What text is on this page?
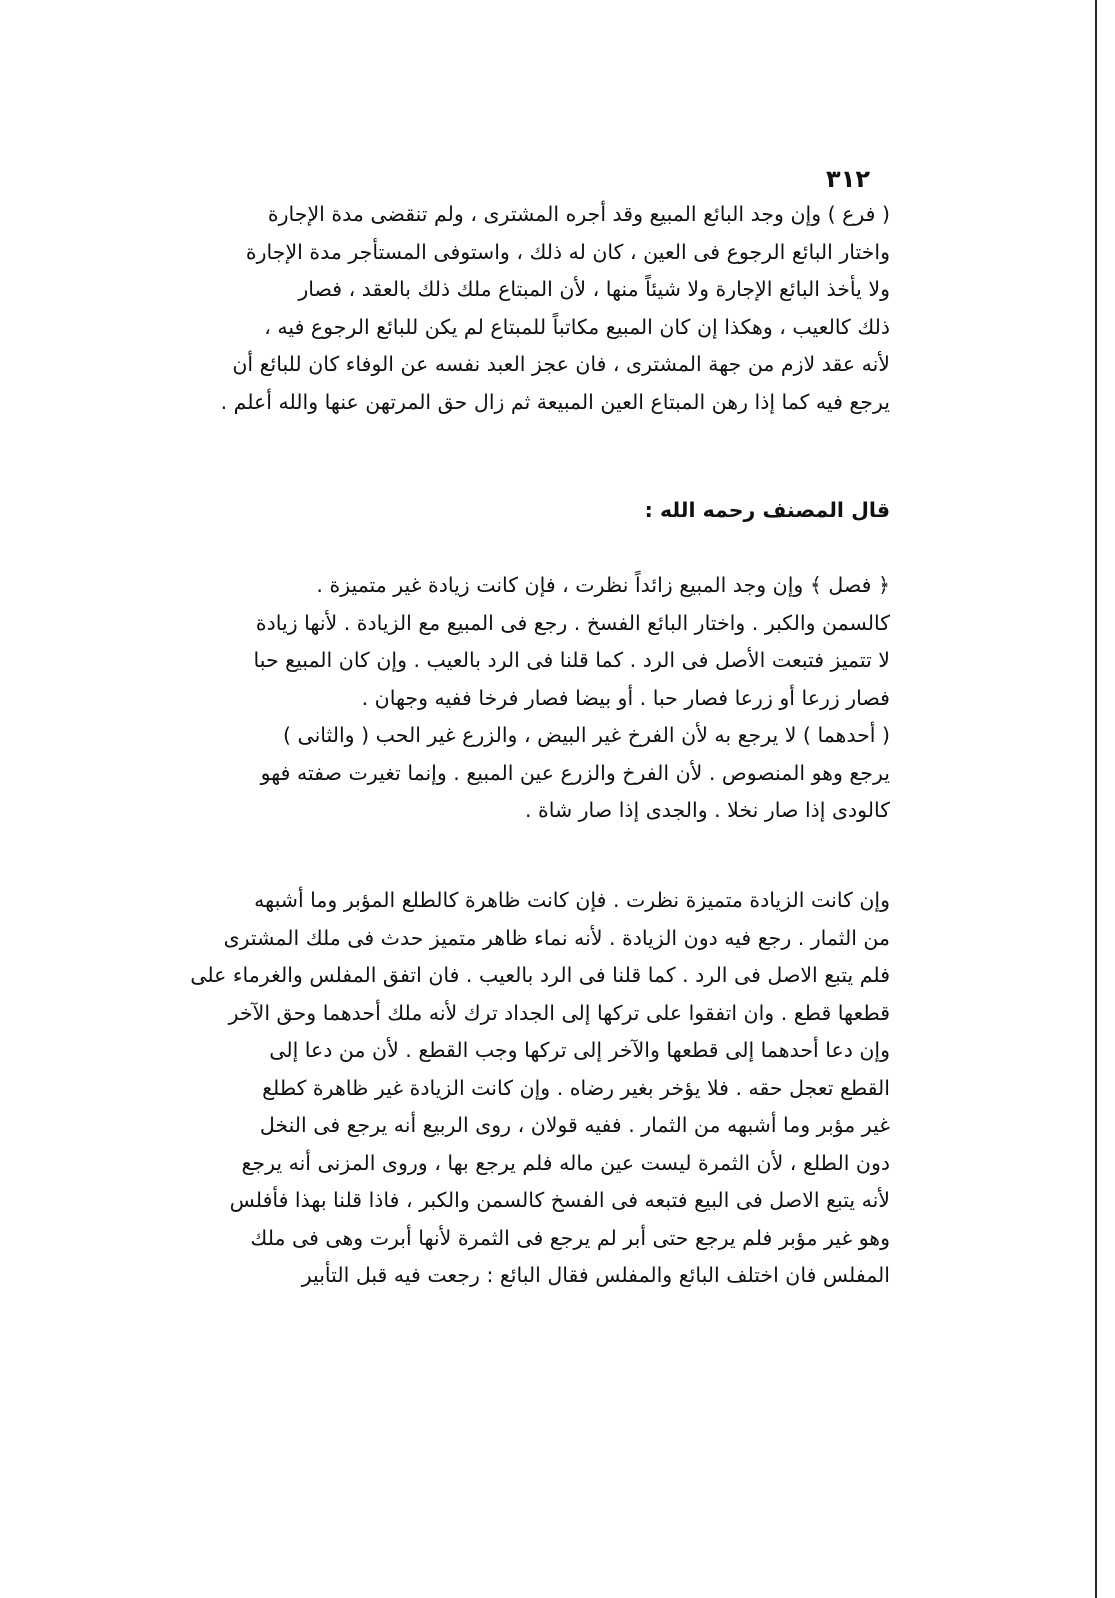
٣١٢
( فرع ) وإن وجد البائع المبيع وقد أجره المشترى ، ولم تنقضى مدة الإجارة
واختار البائع الرجوع فى العين ، كان له ذلك ، واستوفى المستأجر مدة الإجارة
ولا يأخذ البائع الإجارة ولا شيئاً منها ، لأن المبتاع ملك ذلك بالعقد ، فصار
ذلك كالعيب ، وهكذا إن كان المبيع مكاتباً للمبتاع لم يكن للبائع الرجوع فيه ،
لأنه عقد لازم من جهة المشترى ، فان عجز العبد نفسه عن الوفاء كان للبائع أن
يرجع فيه كما إذا رهن المبتاع العين المبيعة ثم زال حق المرتهن عنها والله أعلم .
قال المصنف رحمه الله :
﴿ فصل ﴾ وإن وجد المبيع زائداً نظرت ، فإن كانت زيادة غير متميزة .
كالسمن والكبر . واختار البائع الفسخ . رجع فى المبيع مع الزيادة . لأنها زيادة
لا تتميز فتبعت الأصل فى الرد . كما قلنا فى الرد بالعيب . وإن كان المبيع حبا
فصار زرعا أو زرعا فصار حبا . أو بيضا فصار فرخا ففيه وجهان .
( أحدهما ) لا يرجع به لأن الفرخ غير البيض ، والزرع غير الحب ( والثانى )
يرجع وهو المنصوص . لأن الفرخ والزرع عين المبيع . وإنما تغيرت صفته فهو
كالودى إذا صار نخلا . والجدى إذا صار شاة .
وإن كانت الزيادة متميزة نظرت . فإن كانت ظاهرة كالطلع المؤبر وما أشبهه
من الثمار . رجع فيه دون الزيادة . لأنه نماء ظاهر متميز حدث فى ملك المشترى
فلم يتبع الاصل فى الرد . كما قلنا فى الرد بالعيب . فان اتفق المفلس والغرماء على
قطعها قطع . وان اتفقوا على تركها إلى الجداد ترك لأنه ملك أحدهما وحق الآخر
وإن دعا أحدهما إلى قطعها والآخر إلى تركها وجب القطع . لأن من دعا إلى
القطع تعجل حقه . فلا يؤخر بغير رضاه . وإن كانت الزيادة غير ظاهرة كطلع
غير مؤبر وما أشبهه من الثمار . ففيه قولان ، روى الربيع أنه يرجع فى النخل
دون الطلع ، لأن الثمرة ليست عين ماله فلم يرجع بها ، وروى المزنى أنه يرجع
لأنه يتبع الاصل فى البيع فتبعه فى الفسخ كالسمن والكبر ، فاذا قلنا بهذا فأفلس
وهو غير مؤبر فلم يرجع حتى أبر لم يرجع فى الثمرة لأنها أبرت وهى فى ملك
المفلس فان اختلف البائع والمفلس فقال البائع : رجعت فيه قبل التأبير
